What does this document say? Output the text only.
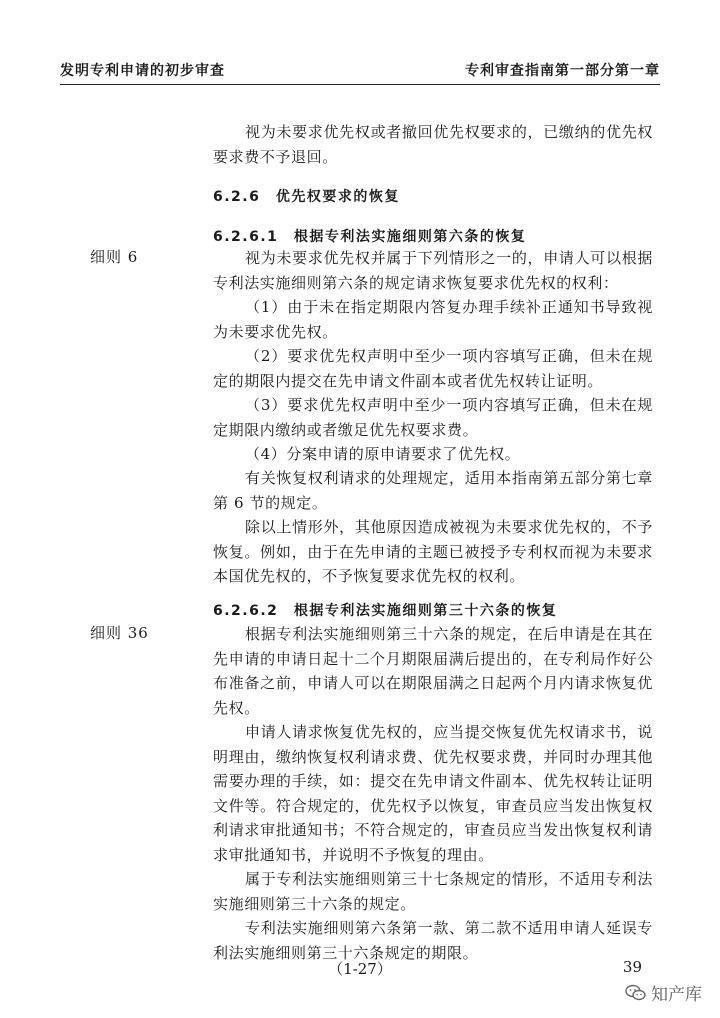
发明专利申请的初步审查	专利审查指南第一部分第一章
视为未要求优先权或者撤回优先权要求的，已缴纳的优先权要求费不予退回。
6.2.6　优先权要求的恢复
6.2.6.1　根据专利法实施细则第六条的恢复
细则 6	视为未要求优先权并属于下列情形之一的，申请人可以根据专利法实施细则第六条的规定请求恢复要求优先权的权利：
（1）由于未在指定期限内答复办理手续补正通知书导致视为未要求优先权。
（2）要求优先权声明中至少一项内容填写正确，但未在规定的期限内提交在先申请文件副本或者优先权转让证明。
（3）要求优先权声明中至少一项内容填写正确，但未在规定期限内缴纳或者缴足优先权要求费。
（4）分案申请的原申请要求了优先权。
有关恢复权利请求的处理规定，适用本指南第五部分第七章第 6 节的规定。
除以上情形外，其他原因造成被视为未要求优先权的，不予恢复。例如，由于在先申请的主题已被授予专利权而视为未要求本国优先权的，不予恢复要求优先权的权利。
6.2.6.2　根据专利法实施细则第三十六条的恢复
细则 36	根据专利法实施细则第三十六条的规定，在后申请是在其在先申请的申请日起十二个月期限届满后提出的，在专利局作好公布准备之前，申请人可以在期限届满之日起两个月内请求恢复优先权。
申请人请求恢复优先权的，应当提交恢复优先权请求书，说明理由，缴纳恢复权利请求费、优先权要求费，并同时办理其他需要办理的手续，如：提交在先申请文件副本、优先权转让证明文件等。符合规定的，优先权予以恢复，审查员应当发出恢复权利请求审批通知书；不符合规定的，审查员应当发出恢复权利请求审批通知书，并说明不予恢复的理由。
属于专利法实施细则第三十七条规定的情形，不适用专利法实施细则第三十六条的规定。
专利法实施细则第六条第一款、第二款不适用申请人延误专利法实施细则第三十六条规定的期限。
（1-27）	39
知产库
